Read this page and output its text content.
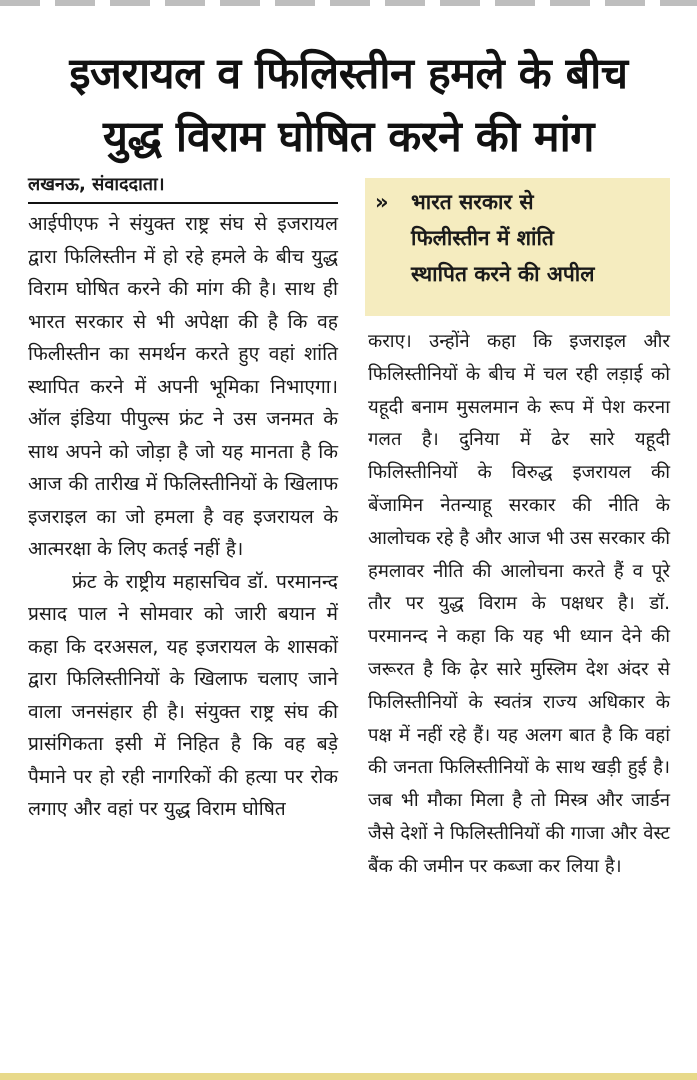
इजरायल व फिलिस्तीन हमले के बीच
युद्ध विराम घोषित करने की मांग
लखनऊ, संवाददाता।

आईपीएफ ने संयुक्त राष्ट्र संघ से इजरायल द्वारा फिलिस्तीन में हो रहे हमले के बीच युद्ध विराम घोषित करने की मांग की है। साथ ही भारत सरकार से भी अपेक्षा की है कि वह फिलीस्तीन का समर्थन करते हुए वहां शांति स्थापित करने में अपनी भूमिका निभाएगा। ऑल इंडिया पीपुल्स फ्रंट ने उस जनमत के साथ अपने को जोड़ा है जो यह मानता है कि आज की तारीख में फिलिस्तीनियों के खिलाफ इजराइल का जो हमला है वह इजरायल के आत्मरक्षा के लिए कतई नहीं है।

फ्रंट के राष्ट्रीय महासचिव डॉ. परमानन्द प्रसाद पाल ने सोमवार को जारी बयान में कहा कि दरअसल, यह इजरायल के शासकों द्वारा फिलिस्तीनियों के खिलाफ चलाए जाने वाला जनसंहार ही है। संयुक्त राष्ट्र संघ की प्रासंगिकता इसी में निहित है कि वह बड़े पैमाने पर हो रही नागरिकों की हत्या पर रोक लगाए और वहां पर युद्ध विराम घोषित

» भारत सरकार से
फिलीस्तीन में शांति
स्थापित करने की अपील

कराए। उन्होंने कहा कि इजराइल और फिलिस्तीनियों के बीच में चल रही लड़ाई को यहूदी बनाम मुसलमान के रूप में पेश करना गलत है। दुनिया में ढेर सारे यहूदी फिलिस्तीनियों के विरुद्ध इजरायल की बेंजामिन नेतन्याहू सरकार की नीति के आलोचक रहे है और आज भी उस सरकार की हमलावर नीति की आलोचना करते हैं व पूरे तौर पर युद्ध विराम के पक्षधर है। डॉ. परमानन्द ने कहा कि यह भी ध्यान देने की जरूरत है कि ढ़ेर सारे मुस्लिम देश अंदर से फिलिस्तीनियों के स्वतंत्र राज्य अधिकार के पक्ष में नहीं रहे हैं। यह अलग बात है कि वहां की जनता फिलिस्तीनियों के साथ खड़ी हुई है। जब भी मौका मिला है तो मिस्त्र और जार्डन जैसे देशों ने फिलिस्तीनियों की गाजा और वेस्ट बैंक की जमीन पर कब्जा कर लिया है।
